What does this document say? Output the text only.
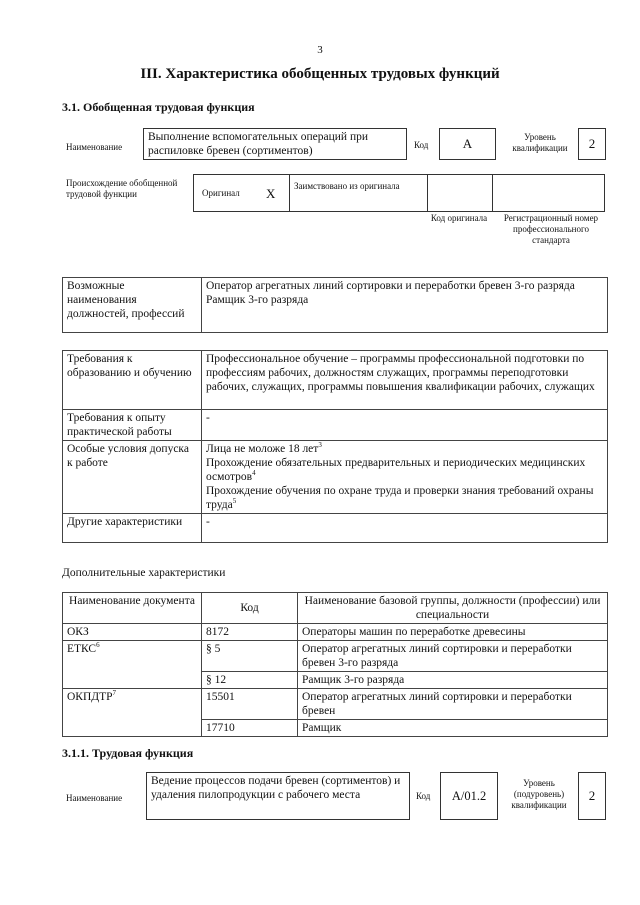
3
III. Характеристика обобщенных трудовых функций
3.1. Обобщенная трудовая функция
Наименование
Выполнение вспомогательных операций при распиловке бревен (сортиментов)	Код	А	Уровень квалификации	2
Происхождение обобщенной трудовой функции	Оригинал X Заимствовано из оригинала
Код оригинала	Регистрационный номер профессионального стандарта
Возможные наименования должностей, профессий	
Оператор агрегатных линий сортировки и переработки бревен 3-го разряда
Рамщик 3-го разряда
Требования к образованию и обучению	Профессиональное обучение – программы профессиональной подготовки по профессиям рабочих, должностям служащих, программы переподготовки рабочих, служащих, программы повышения квалификации рабочих, служащих
Требования к опыту практической работы	-
Особые условия допуска к работе	Лица не моложе 18 лет$^3$
Прохождение обязательных предварительных и периодических медицинских осмотров$^4$
Прохождение обучения по охране труда и проверки знания требований охраны труда$^5$

Другие характеристики	-
Дополнительные характеристики
Наименование документа	Код	Наименование базовой группы, должности (профессии) или специальности
ОКЗ	8172	Операторы машин по переработке древесины
ЕТКС$^6$	§ 5	Оператор агрегатных линий сортировки и переработки бревен 3-го разряда
	§ 12	Рамщик 3-го разряда
ОКПДТР$^7$	15501	Оператор агрегатных линий сортировки и переработки бревен
	17710	Рамщик
3.1.1. Трудовая функция
Наименование
Ведение процессов подачи бревен (сортиментов) и удаления пилопродукции с рабочего места	Код	А/01.2
Уровень (подуровень) квалификации
2
